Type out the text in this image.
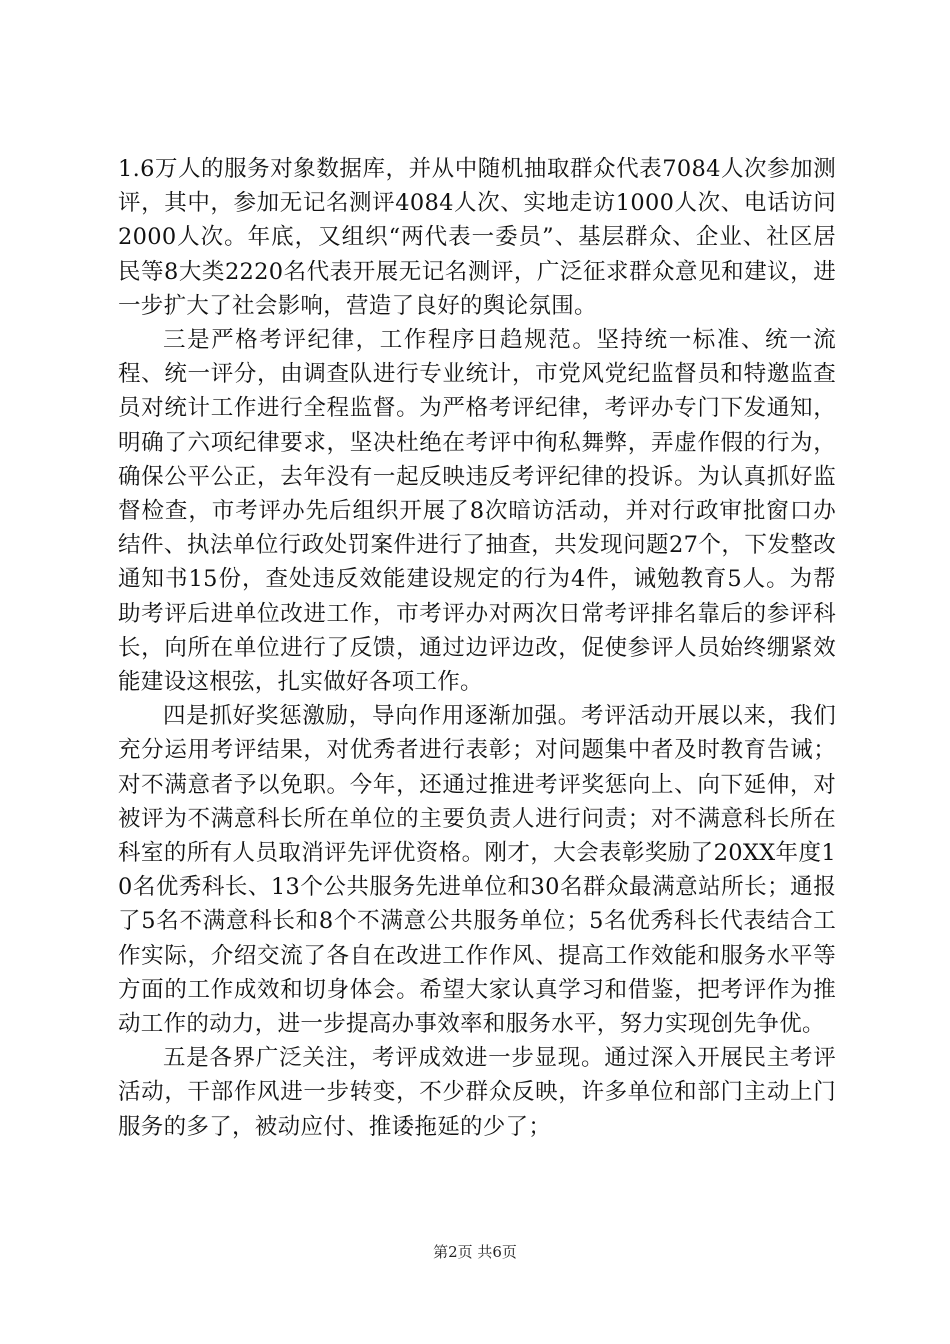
1.6万人的服务对象数据库，并从中随机抽取群众代表7084人次参加测评，其中，参加无记名测评4084人次、实地走访1000人次、电话访问2000人次。年底，又组织“两代表一委员”、基层群众、企业、社区居民等8大类2220名代表开展无记名测评，广泛征求群众意见和建议，进一步扩大了社会影响，营造了良好的舆论氛围。

三是严格考评纪律，工作程序日趋规范。坚持统一标准、统一流程、统一评分，由调查队进行专业统计，市党风党纪监督员和特邀监查员对统计工作进行全程监督。为严格考评纪律，考评办专门下发通知，明确了六项纪律要求，坚决杜绝在考评中徇私舞弊，弄虚作假的行为，确保公平公正，去年没有一起反映违反考评纪律的投诉。为认真抓好监督检查，市考评办先后组织开展了8次暗访活动，并对行政审批窗口办结件、执法单位行政处罚案件进行了抽查，共发现问题27个，下发整改通知书15份，查处违反效能建设规定的行为4件，诫勉教育5人。为帮助考评后进单位改进工作，市考评办对两次日常考评排名靠后的参评科长，向所在单位进行了反馈，通过边评边改，促使参评人员始终绷紧效能建设这根弦，扎实做好各项工作。

四是抓好奖惩激励，导向作用逐渐加强。考评活动开展以来，我们充分运用考评结果，对优秀者进行表彰；对问题集中者及时教育告诫；对不满意者予以免职。今年，还通过推进考评奖惩向上、向下延伸，对被评为不满意科长所在单位的主要负责人进行问责；对不满意科长所在科室的所有人员取消评先评优资格。刚才，大会表彰奖励了20XX年度10名优秀科长、13个公共服务先进单位和30名群众最满意站所长；通报了5名不满意科长和8个不满意公共服务单位；5名优秀科长代表结合工作实际，介绍交流了各自在改进工作作风、提高工作效能和服务水平等方面的工作成效和切身体会。希望大家认真学习和借鉴，把考评作为推动工作的动力，进一步提高办事效率和服务水平，努力实现创先争优。

五是各界广泛关注，考评成效进一步显现。通过深入开展民主考评活动，干部作风进一步转变，不少群众反映，许多单位和部门主动上门服务的多了，被动应付、推诿拖延的少了；

第2页 共6页
